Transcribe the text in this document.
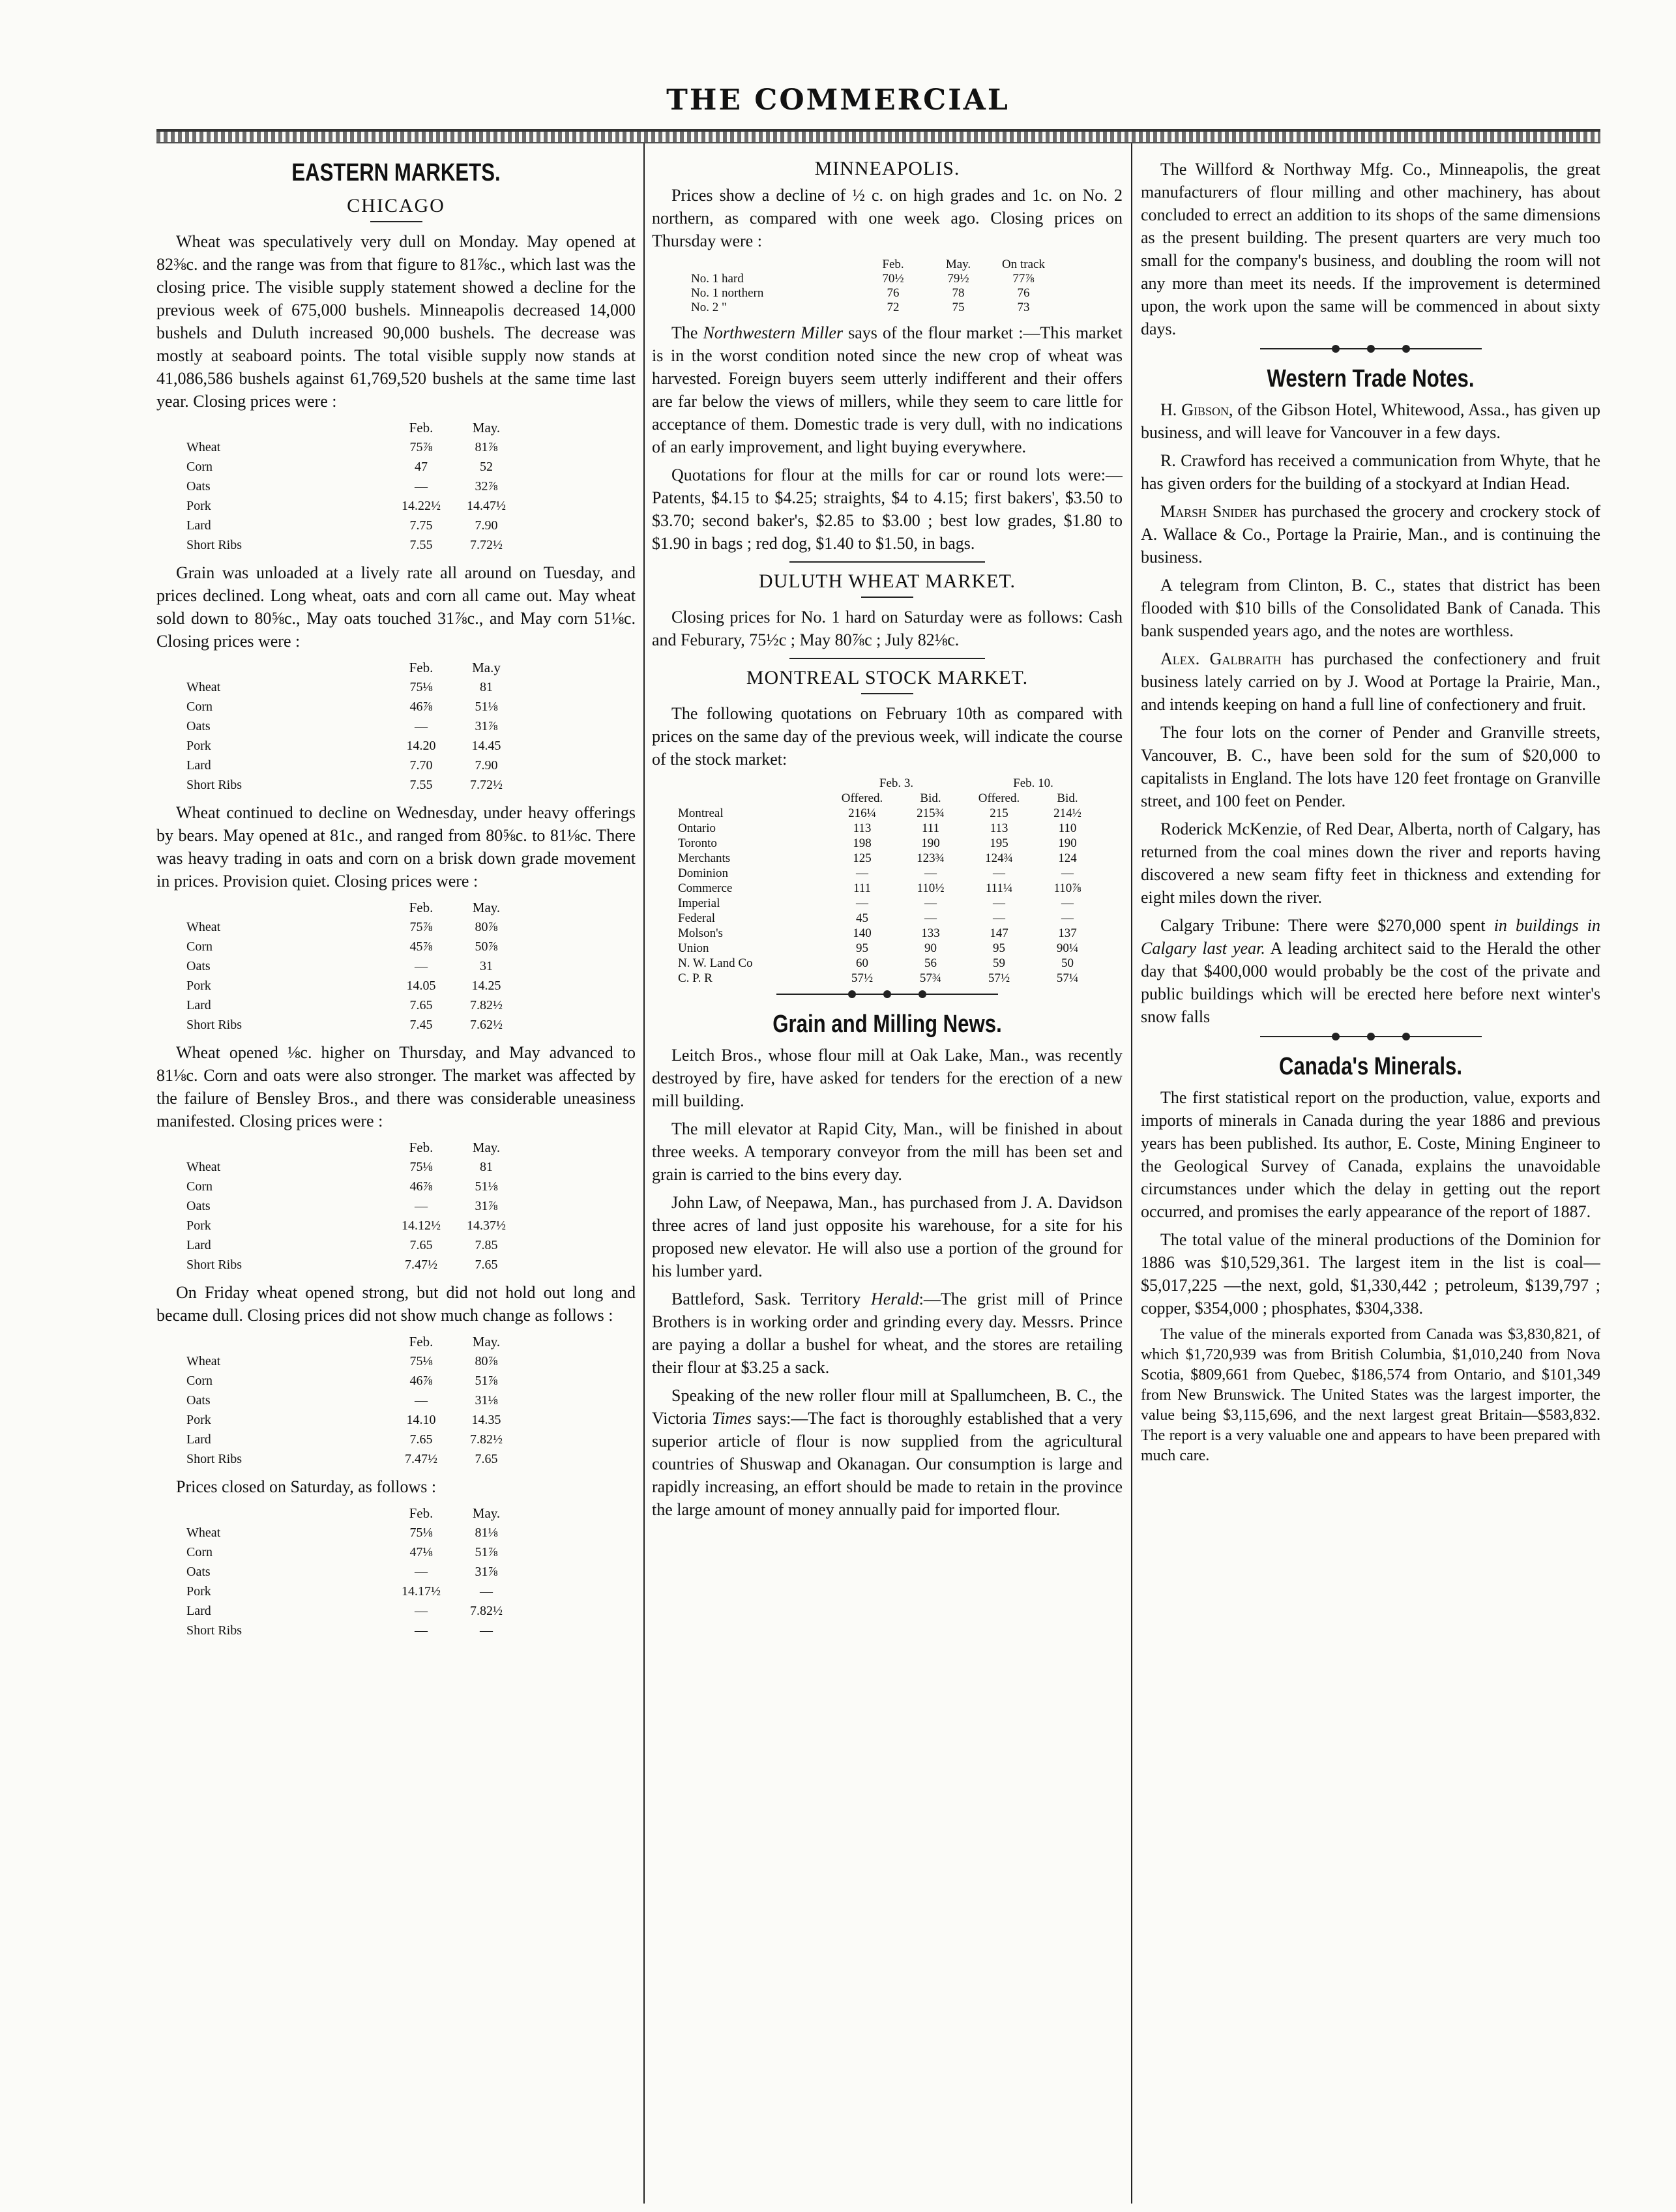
THE COMMERCIAL
EASTERN MARKETS.
CHICAGO

Wheat was speculatively very dull on Monday. May opened at 82⅜c. and the range was from that figure to 81⅞c., which last was the closing price. The visible supply statement showed a decline for the previous week of 675,000 bushels. Minneapolis decreased 14,000 bushels and Duluth increased 90,000 bushels. The decrease was mostly at seaboard points. The total visible supply now stands at 41,086,586 bushels against 61,769,520 bushels at the same time last year. Closing prices were :

	Feb.	May.

Wheat	75⅞	81⅞

Corn	47	52

Oats	—	32⅞

Pork	14.22½	14.47½

Lard	7.75	7.90

Short Ribs	7.55	7.72½

Grain was unloaded at a lively rate all around on Tuesday, and prices declined. Long wheat, oats and corn all came out. May wheat sold down to 80⅝c., May oats touched 31⅞c., and May corn 51⅛c. Closing prices were :

	Feb.	Ma.y

Wheat	75⅛	81

Corn	46⅞	51⅛

Oats	—	31⅞

Pork	14.20	14.45

Lard	7.70	7.90

Short Ribs	7.55	7.72½

Wheat continued to decline on Wednesday, under heavy offerings by bears. May opened at 81c., and ranged from 80⅝c. to 81⅛c. There was heavy trading in oats and corn on a brisk down grade movement in prices. Provision quiet. Closing prices were :

	Feb.	May.

Wheat	75⅞	80⅞

Corn	45⅞	50⅞

Oats	—	31

Pork	14.05	14.25

Lard	7.65	7.82½

Short Ribs	7.45	7.62½

Wheat opened ⅛c. higher on Thursday, and May advanced to 81⅛c. Corn and oats were also stronger. The market was affected by the failure of Bensley Bros., and there was considerable uneasiness manifested. Closing prices were :

	Feb.	May.

Wheat	75⅛	81

Corn	46⅞	51⅛

Oats	—	31⅞

Pork	14.12½	14.37½

Lard	7.65	7.85

Short Ribs	7.47½	7.65

On Friday wheat opened strong, but did not hold out long and became dull. Closing prices did not show much change as follows :

	Feb.	May.

Wheat	75⅛	80⅞

Corn	46⅞	51⅞

Oats	—	31⅛

Pork	14.10	14.35

Lard	7.65	7.82½

Short Ribs	7.47½	7.65

Prices closed on Saturday, as follows :

	Feb.	May.

Wheat	75⅛	81⅛

Corn	47⅛	51⅞

Oats	—	31⅞

Pork	14.17½	—

Lard	—	7.82½

Short Ribs	—	—
MINNEAPOLIS.

Prices show a decline of ½ c. on high grades and 1c. on No. 2 northern, as compared with one week ago. Closing prices on Thursday were :

	Feb.	May.	On track
No. 1 hard	70½	79½	77⅞
No. 1 northern	76	78	76
No. 2 "	72	75	73

The Northwestern Miller says of the flour market :—This market is in the worst condition noted since the new crop of wheat was harvested. Foreign buyers seem utterly indifferent and their offers are far below the views of millers, while they seem to care little for acceptance of them. Domestic trade is very dull, with no indications of an early improvement, and light buying everywhere.

Quotations for flour at the mills for car or round lots were:—Patents, $4.15 to $4.25; straights, $4 to 4.15; first bakers', $3.50 to $3.70; second baker's, $2.85 to $3.00 ; best low grades, $1.80 to $1.90 in bags ; red dog, $1.40 to $1.50, in bags.

DULUTH WHEAT MARKET.

Closing prices for No. 1 hard on Saturday were as follows: Cash and Feburary, 75½c ; May 80⅞c ; July 82⅛c.

MONTREAL STOCK MARKET.

The following quotations on February 10th as compared with prices on the same day of the previous week, will indicate the course of the stock market:

	Feb. 3.		Feb. 10.	
	Offered.	Bid.	Offered.	Bid.
Montreal	216¼	215¾	215	214½
Ontario	113	111	113	110
Toronto	198	190	195	190
Merchants	125	123¾	124¾	124
Dominion	—	—	—	—
Commerce	111	110½	111¼	110⅞
Imperial	—	—	—	—
Federal	45	—	—	—
Molson's	140	133	147	137
Union	95	90	95	90¼
N. W. Land Co	60	56	59	50
C. P. R	57½	57¾	57½	57¼
Grain and Milling News.

Leitch Bros., whose flour mill at Oak Lake, Man., was recently destroyed by fire, have asked for tenders for the erection of a new mill building.

The mill elevator at Rapid City, Man., will be finished in about three weeks. A temporary conveyor from the mill has been set and grain is carried to the bins every day.

John Law, of Neepawa, Man., has purchased from J. A. Davidson three acres of land just opposite his warehouse, for a site for his proposed new elevator. He will also use a portion of the ground for his lumber yard.

Battleford, Sask. Territory Herald:—The grist mill of Prince Brothers is in working order and grinding every day. Messrs. Prince are paying a dollar a bushel for wheat, and the stores are retailing their flour at $3.25 a sack.

Speaking of the new roller flour mill at Spallumcheen, B. C., the Victoria Times says:—The fact is thoroughly established that a very superior article of flour is now supplied from the agricultural countries of Shuswap and Okanagan. Our consumption is large and rapidly increasing, an effort should be made to retain in the province the large amount of money annually paid for imported flour.

The Willford & Northway Mfg. Co., Minneapolis, the great manufacturers of flour milling and other machinery, has about concluded to errect an addition to its shops of the same dimensions as the present building. The present quarters are very much too small for the company's business, and doubling the room will not any more than meet its needs. If the improvement is determined upon, the work upon the same will be commenced in about sixty days.

Western Trade Notes.

H. Gibson, of the Gibson Hotel, Whitewood, Assa., has given up business, and will leave for Vancouver in a few days.

R. Crawford has received a communication from Whyte, that he has given orders for the building of a stockyard at Indian Head.

Marsh Snider has purchased the grocery and crockery stock of A. Wallace & Co., Portage la Prairie, Man., and is continuing the business.

A telegram from Clinton, B. C., states that district has been flooded with $10 bills of the Consolidated Bank of Canada. This bank suspended years ago, and the notes are worthless.

Alex. Galbraith has purchased the confectionery and fruit business lately carried on by J. Wood at Portage la Prairie, Man., and intends keeping on hand a full line of confectionery and fruit.

The four lots on the corner of Pender and Granville streets, Vancouver, B. C., have been sold for the sum of $20,000 to capitalists in England. The lots have 120 feet frontage on Granville street, and 100 feet on Pender.

Roderick McKenzie, of Red Dear, Alberta, north of Calgary, has returned from the coal mines down the river and reports having discovered a new seam fifty feet in thickness and extending for eight miles down the river.

Calgary Tribune: There were $270,000 spent in buildings in Calgary last year. A leading architect said to the Herald the other day that $400,000 would probably be the cost of the private and public buildings which will be erected here before next winter's snow falls

Canada's Minerals.

The first statistical report on the production, value, exports and imports of minerals in Canada during the year 1886 and previous years has been published. Its author, E. Coste, Mining Engineer to the Geological Survey of Canada, explains the unavoidable circumstances under which the delay in getting out the report occurred, and promises the early appearance of the report of 1887.

The total value of the mineral productions of the Dominion for 1886 was $10,529,361. The largest item in the list is coal—$5,017,225 —the next, gold, $1,330,442 ; petroleum, $139,797 ; copper, $354,000 ; phosphates, $304,338.

The value of the minerals exported from Canada was $3,830,821, of which $1,720,939 was from British Columbia, $1,010,240 from Nova Scotia, $809,661 from Quebec, $186,574 from Ontario, and $101,349 from New Brunswick. The United States was the largest importer, the value being $3,115,696, and the next largest great Britain—$583,832. The report is a very valuable one and appears to have been prepared with much care.
